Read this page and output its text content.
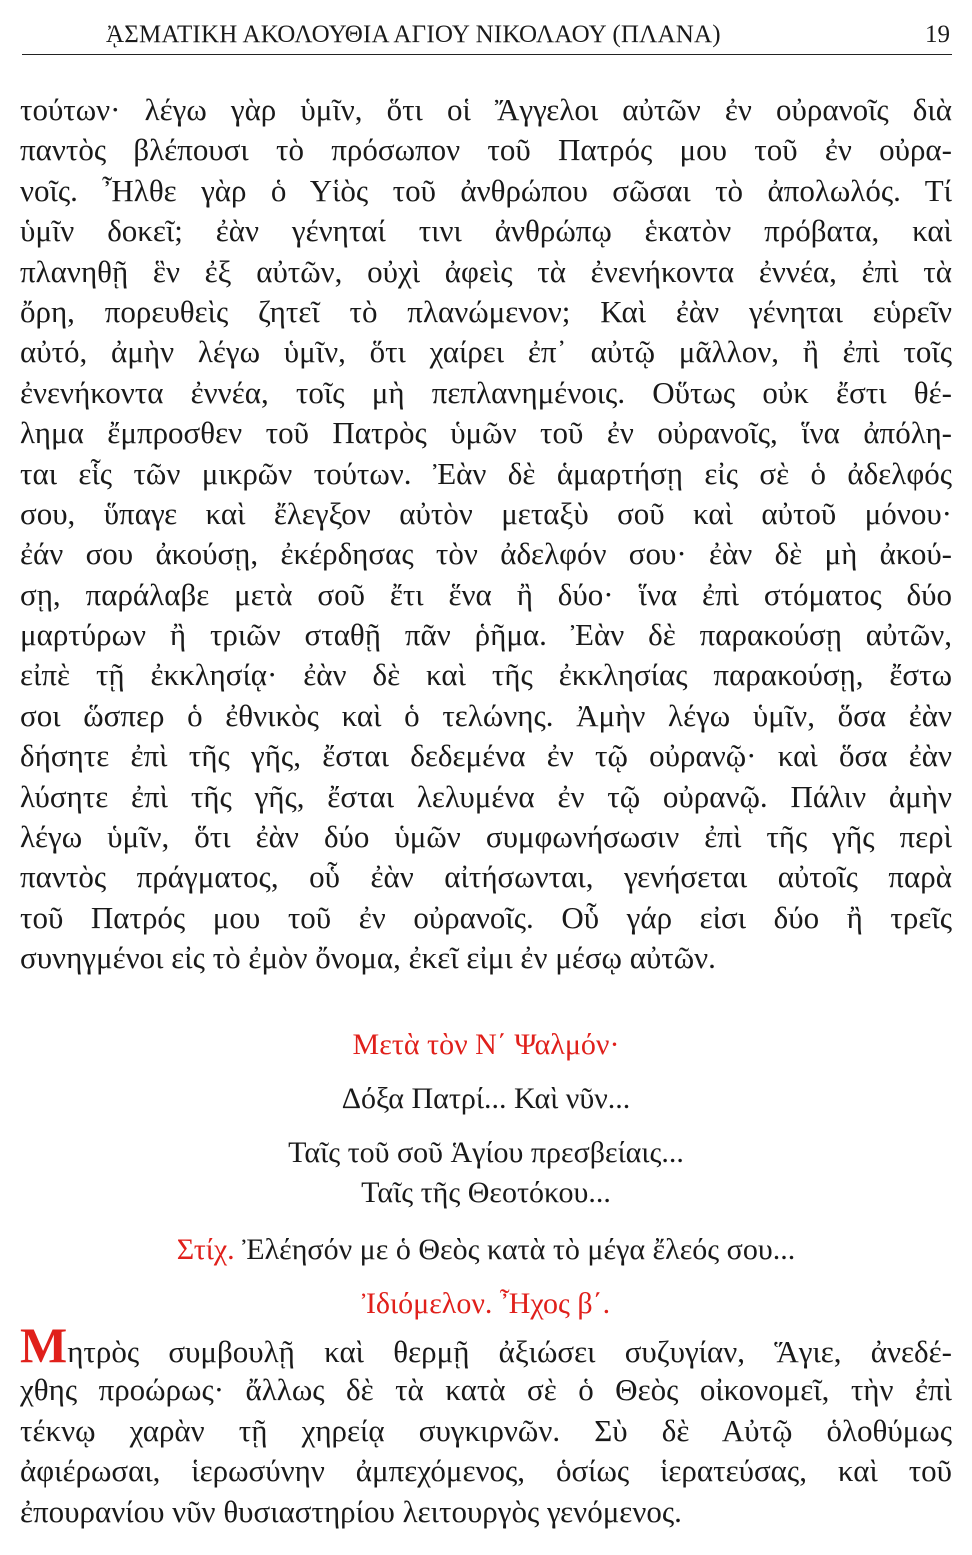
ᾈΣΜΑΤΙΚΗ ΑΚΟΛΟΥΘΙΑ ΑΓΙΟΥ ΝΙΚΟΛΑΟΥ (ΠΛΑΝΑ)	19
τούτων· λέγω γὰρ ὑμῖν, ὅτι οἱ Ἄγγελοι αὐτῶν ἐν οὐρανοῖς διὰ
παντὸς βλέπουσι τὸ πρόσωπον τοῦ Πατρός μου τοῦ ἐν οὐρα-
νοῖς. Ἦλθε γὰρ ὁ Υἱὸς τοῦ ἀνθρώπου σῶσαι τὸ ἀπολωλός. Τί
ὑμῖν δοκεῖ; ἐὰν γένηταί τινι ἀνθρώπῳ ἑκατὸν πρόβατα, καὶ
πλανηθῇ ἓν ἐξ αὐτῶν, οὐχὶ ἀφεὶς τὰ ἐνενήκοντα ἐννέα, ἐπὶ τὰ
ὄρη, πορευθεὶς ζητεῖ τὸ πλανώμενον; Καὶ ἐὰν γένηται εὑρεῖν
αὐτό, ἀμὴν λέγω ὑμῖν, ὅτι χαίρει ἐπ᾽ αὐτῷ μᾶλλον, ἢ ἐπὶ τοῖς
ἐνενήκοντα ἐννέα, τοῖς μὴ πεπλανημένοις. Οὕτως οὐκ ἔστι θέ-
λημα ἔμπροσθεν τοῦ Πατρὸς ὑμῶν τοῦ ἐν οὐρανοῖς, ἵνα ἀπόλη-
ται εἷς τῶν μικρῶν τούτων. Ἐὰν δὲ ἁμαρτήσῃ εἰς σὲ ὁ ἀδελφός
σου, ὕπαγε καὶ ἔλεγξον αὐτὸν μεταξὺ σοῦ καὶ αὐτοῦ μόνου·
ἐάν σου ἀκούσῃ, ἐκέρδησας τὸν ἀδελφόν σου· ἐὰν δὲ μὴ ἀκού-
σῃ, παράλαβε μετὰ σοῦ ἔτι ἕνα ἢ δύο· ἵνα ἐπὶ στόματος δύο
μαρτύρων ἢ τριῶν σταθῇ πᾶν ῥῆμα. Ἐὰν δὲ παρακούσῃ αὐτῶν,
εἰπὲ τῇ ἐκκλησίᾳ· ἐὰν δὲ καὶ τῆς ἐκκλησίας παρακούσῃ, ἔστω
σοι ὥσπερ ὁ ἐθνικὸς καὶ ὁ τελώνης. Ἀμὴν λέγω ὑμῖν, ὅσα ἐὰν
δήσητε ἐπὶ τῆς γῆς, ἔσται δεδεμένα ἐν τῷ οὐρανῷ· καὶ ὅσα ἐὰν
λύσητε ἐπὶ τῆς γῆς, ἔσται λελυμένα ἐν τῷ οὐρανῷ. Πάλιν ἀμὴν
λέγω ὑμῖν, ὅτι ἐὰν δύο ὑμῶν συμφωνήσωσιν ἐπὶ τῆς γῆς περὶ
παντὸς πράγματος, οὗ ἐὰν αἰτήσωνται, γενήσεται αὐτοῖς παρὰ
τοῦ Πατρός μου τοῦ ἐν οὐρανοῖς. Οὗ γάρ εἰσι δύο ἢ τρεῖς
συνηγμένοι εἰς τὸ ἐμὸν ὄνομα, ἐκεῖ εἰμι ἐν μέσῳ αὐτῶν.
Μετὰ τὸν Ν΄ Ψαλμόν·
Δόξα Πατρί... Καὶ νῦν...
Ταῖς τοῦ σοῦ Ἁγίου πρεσβείαις...
Ταῖς τῆς Θεοτόκου...
Στίχ. Ἐλέησόν με ὁ Θεὸς κατὰ τὸ μέγα ἔλεός σου...
Ἰδιόμελον. Ἦχος β΄.
Μητρὸς συμβουλῇ καὶ θερμῇ ἀξιώσει συζυγίαν, Ἅγιε, ἀνεδέ-
χθης προώρως· ἄλλως δὲ τὰ κατὰ σὲ ὁ Θεὸς οἰκονομεῖ, τὴν ἐπὶ
τέκνῳ χαρὰν τῇ χηρείᾳ συγκιρνῶν. Σὺ δὲ Αὐτῷ ὁλοθύμως
ἀφιέρωσαι, ἱερωσύνην ἀμπεχόμενος, ὁσίως ἱερατεύσας, καὶ τοῦ
ἐπουρανίου νῦν θυσιαστηρίου λειτουργὸς γενόμενος.
